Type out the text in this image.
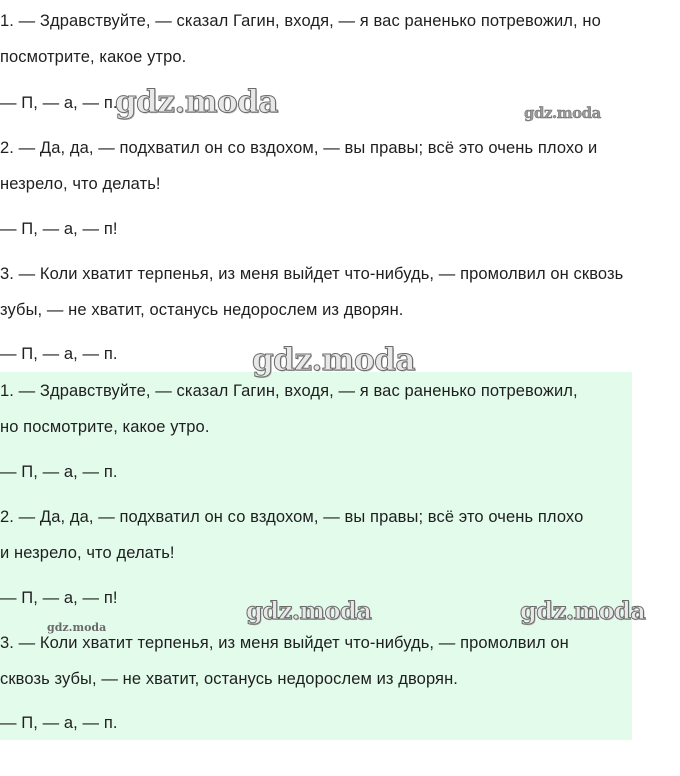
1. — Здравствуйте, — сказал Гагин, входя, — я вас раненько потревожил, но

посмотрите, какое утро.

— П, — а, — п.

2. — Да, да, — подхватил он со вздохом, — вы правы; всё это очень плохо и

незрело, что делать!

— П, — а, — п!

3. — Коли хватит терпенья, из меня выйдет что-нибудь, — промолвил он сквозь

зубы, — не хватит, останусь недорослем из дворян.

— П, — а, — п.

1. — Здравствуйте, — сказал Гагин, входя, — я вас раненько потревожил,

но посмотрите, какое утро.

— П, — а, — п.

2. — Да, да, — подхватил он со вздохом, — вы правы; всё это очень плохо

и незрело, что делать!

— П, — а, — п!

3. — Коли хватит терпенья, из меня выйдет что-нибудь, — промолвил он

сквозь зубы, — не хватит, останусь недорослем из дворян.

— П, — а, — п.

gdz.moda	gdz.moda

gdz.moda

gdz.moda	gdz.moda

gdz.moda
